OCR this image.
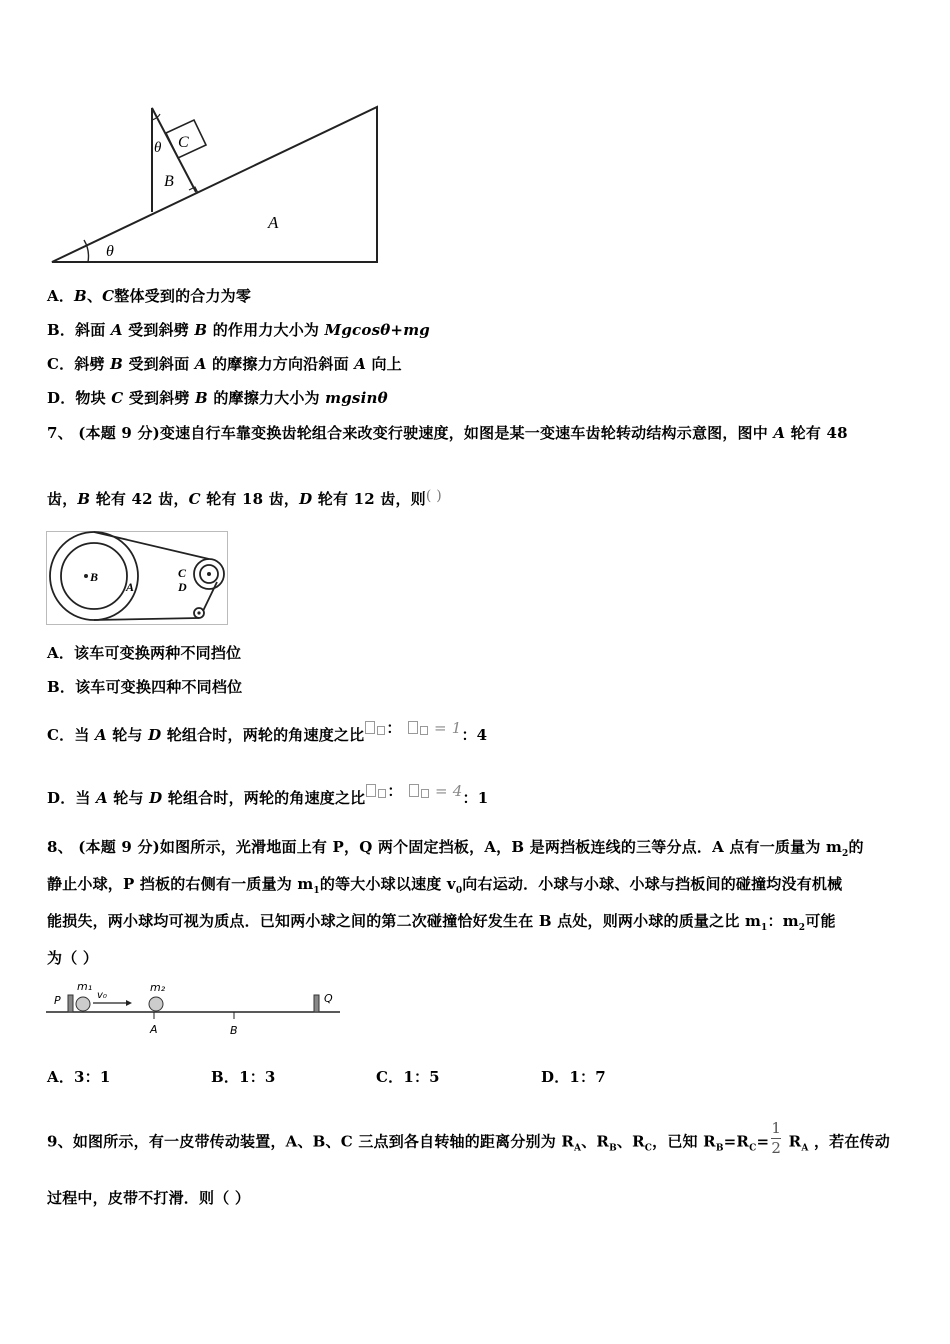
C
θ
B
A
θ
A．B、C整体受到的合力为零
B．斜面 A 受到斜劈 B 的作用力大小为 Mgcosθ+mg
C．斜劈 B 受到斜面 A 的摩擦力方向沿斜面 A 向上
D．物块 C 受到斜劈 B 的摩擦力大小为 mgsinθ
7、 (本题 9 分)变速自行车靠变换齿轮组合来改变行驶速度，如图是某一变速车齿轮转动结构示意图，图中 A 轮有 48
齿，B 轮有 42 齿，C 轮有 18 齿，D 轮有 12 齿，则( )
B
A
C
D
A．该车可变换两种不同挡位
B．该车可变换四种不同档位
C．当 A 轮与 D 轮组合时，两轮的角速度之比 ： = 1：4
D．当 A 轮与 D 轮组合时，两轮的角速度之比 ： = 4：1
8、 (本题 9 分)如图所示，光滑地面上有 P，Q 两个固定挡板，A，B 是两挡板连线的三等分点．A 点有一质量为 $m_2$的
静止小球，P 挡板的右侧有一质量为 $m_1$的等大小球以速度 $v_0$向右运动．小球与小球、小球与挡板间的碰撞均没有机械
能损失，两小球均可视为质点．已知两小球之间的第二次碰撞恰好发生在 B 点处，则两小球的质量之比 $m_1$：$m_2$可能
为（ ）
P
m₁
v₀
m₂
Q
A	B
A．3：1	B．1：3	C．1：5	D．1：7
9、如图所示，有一皮带传动装置，A、B、C 三点到各自转轴的距离分别为 $R_A$、$R_B$、$R_C$，已知 $R_B=R_C= \frac{1}{2} R_A$ ，若在传动
过程中，皮带不打滑．则（ ）
